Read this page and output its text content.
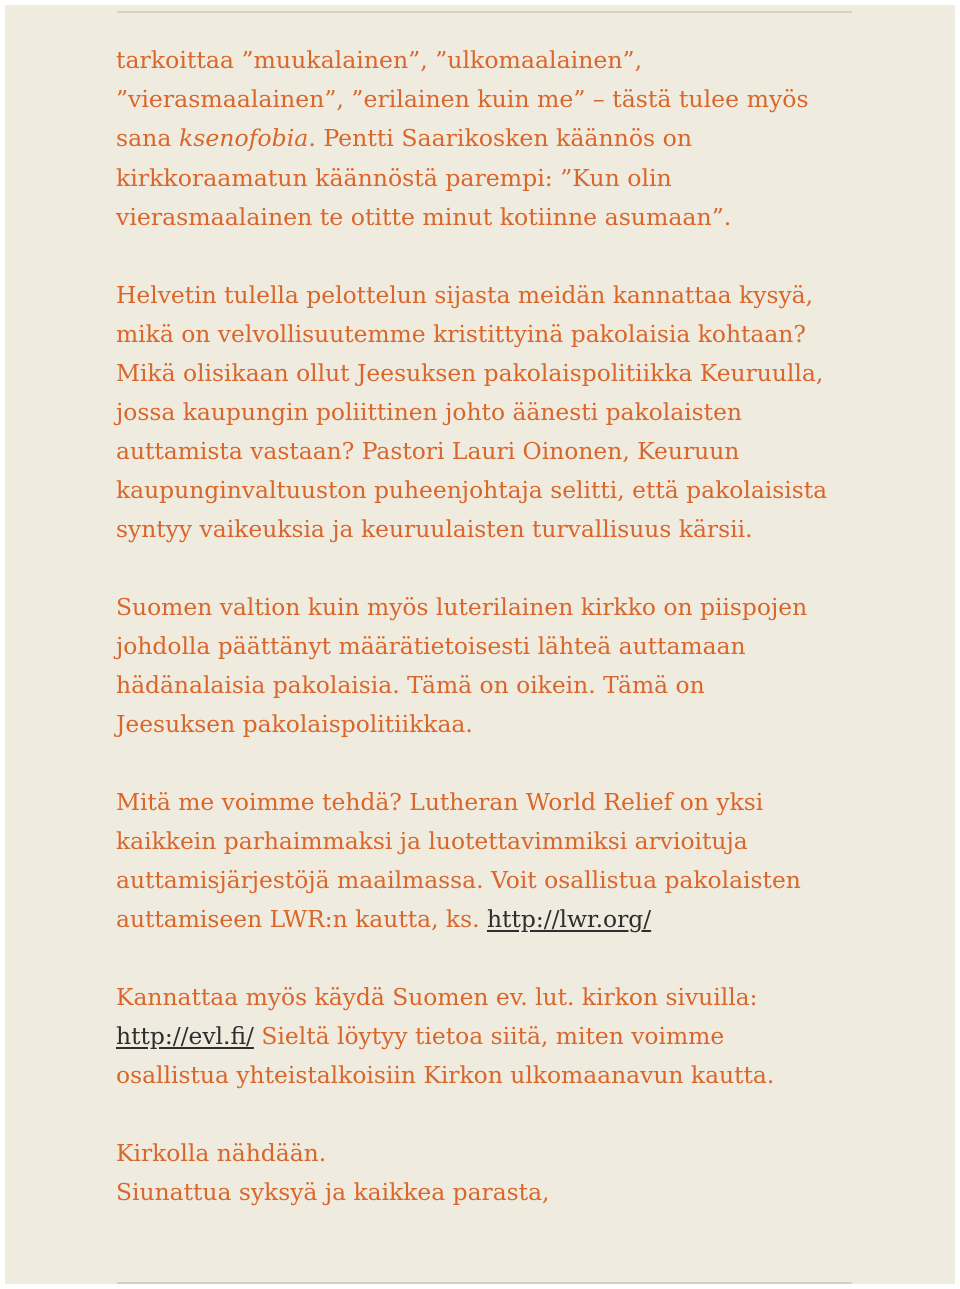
tarkoittaa ”muukalainen”, ”ulkomaalainen”,
”vierasmaalainen”, ”erilainen kuin me” – tästä tulee myös
sana ksenofobia. Pentti Saarikosken käännös on
kirkkoraamatun käännöstä parempi: ”Kun olin
vierasmaalainen te otitte minut kotiinne asumaan”.

Helvetin tulella pelottelun sijasta meidän kannattaa kysyä,
mikä on velvollisuutemme kristittyinä pakolaisia kohtaan?
Mikä olisikaan ollut Jeesuksen pakolaispolitiikka Keuruulla,
jossa kaupungin poliittinen johto äänesti pakolaisten
auttamista vastaan? Pastori Lauri Oinonen, Keuruun
kaupunginvaltuuston puheenjohtaja selitti, että pakolaisista
syntyy vaikeuksia ja keuruulaisten turvallisuus kärsii.

Suomen valtion kuin myös luterilainen kirkko on piispojen
johdolla päättänyt määrätietoisesti lähteä auttamaan
hädänalaisia pakolaisia. Tämä on oikein. Tämä on
Jeesuksen pakolaispolitiikkaa.

Mitä me voimme tehdä? Lutheran World Relief on yksi
kaikkein parhaimmaksi ja luotettavimmiksi arvioituja
auttamisjärjestöjä maailmassa. Voit osallistua pakolaisten
auttamiseen LWR:n kautta, ks. http://lwr.org/

Kannattaa myös käydä Suomen ev. lut. kirkon sivuilla:
http://evl.fi/ Sieltä löytyy tietoa siitä, miten voimme
osallistua yhteistalkoisiin Kirkon ulkomaanavun kautta.

Kirkolla nähdään.
Siunattua syksyä ja kaikkea parasta,
